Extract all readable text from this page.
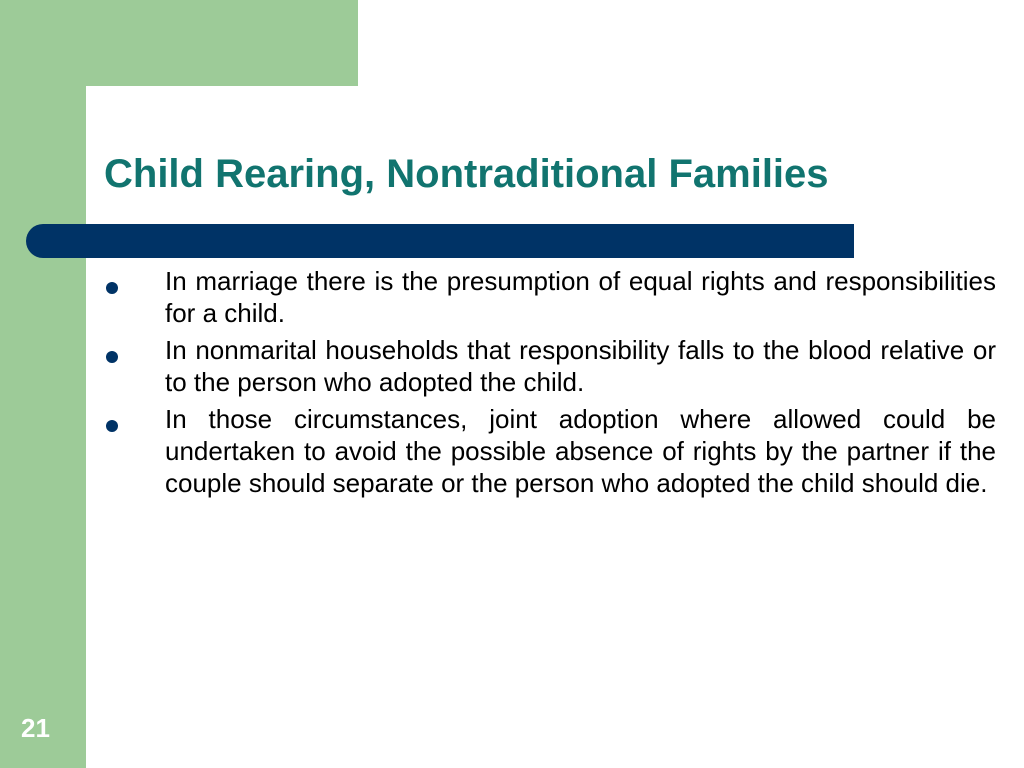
Child Rearing, Nontraditional Families
In marriage there is the presumption of equal rights and responsibilities for a child.
In nonmarital households that responsibility falls to the blood relative or to the person who adopted the child.
In those circumstances, joint adoption where allowed could be undertaken to avoid the possible absence of rights by the partner if the couple should separate or the person who adopted the child should die.
21
